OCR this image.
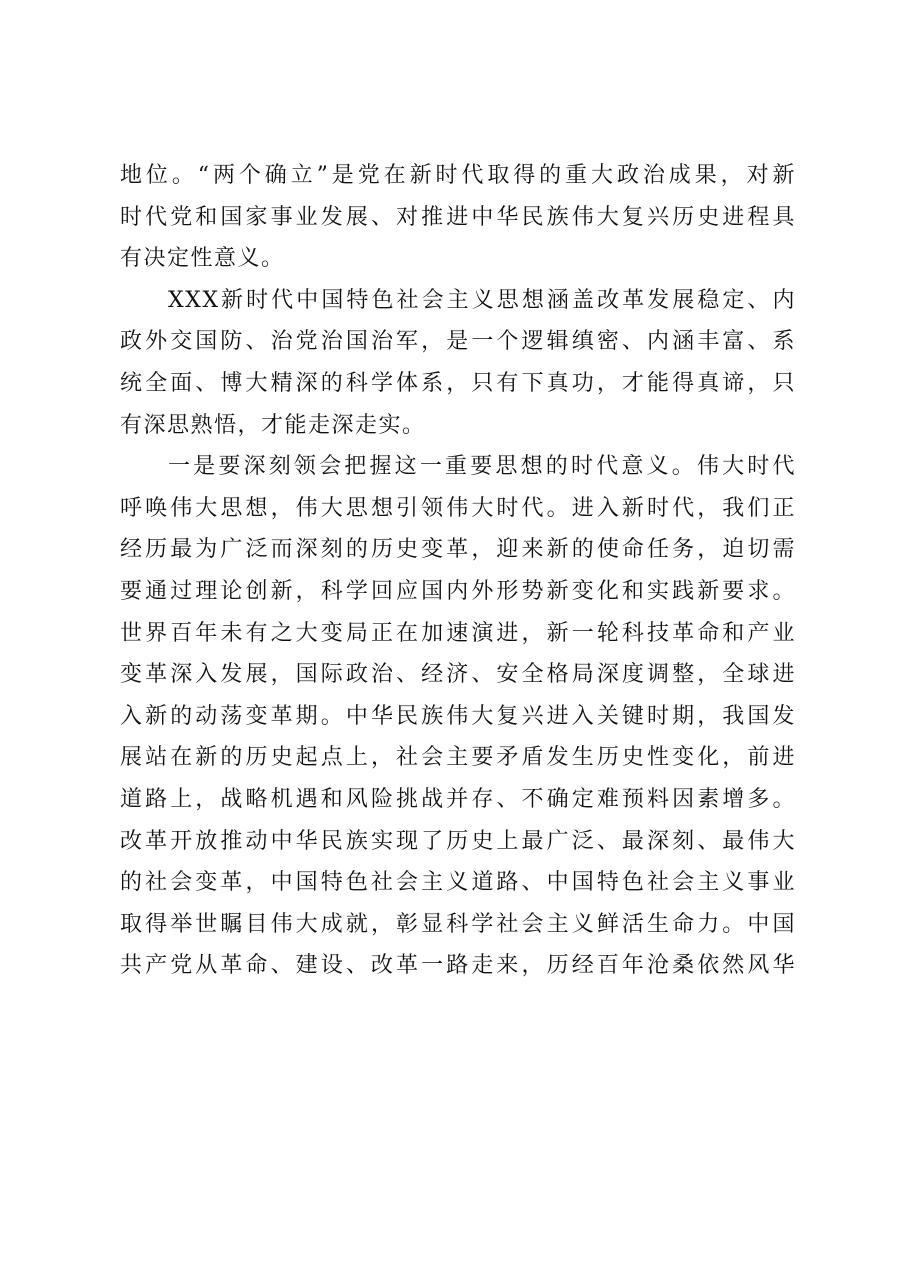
地位。“两个确立”是党在新时代取得的重大政治成果，对新
时代党和国家事业发展、对推进中华民族伟大复兴历史进程具
有决定性意义。

XXX新时代中国特色社会主义思想涵盖改革发展稳定、内
政外交国防、治党治国治军，是一个逻辑缜密、内涵丰富、系
统全面、博大精深的科学体系，只有下真功，才能得真谛，只
有深思熟悟，才能走深走实。

一是要深刻领会把握这一重要思想的时代意义。伟大时代
呼唤伟大思想，伟大思想引领伟大时代。进入新时代，我们正
经历最为广泛而深刻的历史变革，迎来新的使命任务，迫切需
要通过理论创新，科学回应国内外形势新变化和实践新要求。
世界百年未有之大变局正在加速演进，新一轮科技革命和产业
变革深入发展，国际政治、经济、安全格局深度调整，全球进
入新的动荡变革期。中华民族伟大复兴进入关键时期，我国发
展站在新的历史起点上，社会主要矛盾发生历史性变化，前进
道路上，战略机遇和风险挑战并存、不确定难预料因素增多。
改革开放推动中华民族实现了历史上最广泛、最深刻、最伟大
的社会变革，中国特色社会主义道路、中国特色社会主义事业
取得举世瞩目伟大成就，彰显科学社会主义鲜活生命力。中国
共产党从革命、建设、改革一路走来，历经百年沧桑依然风华
